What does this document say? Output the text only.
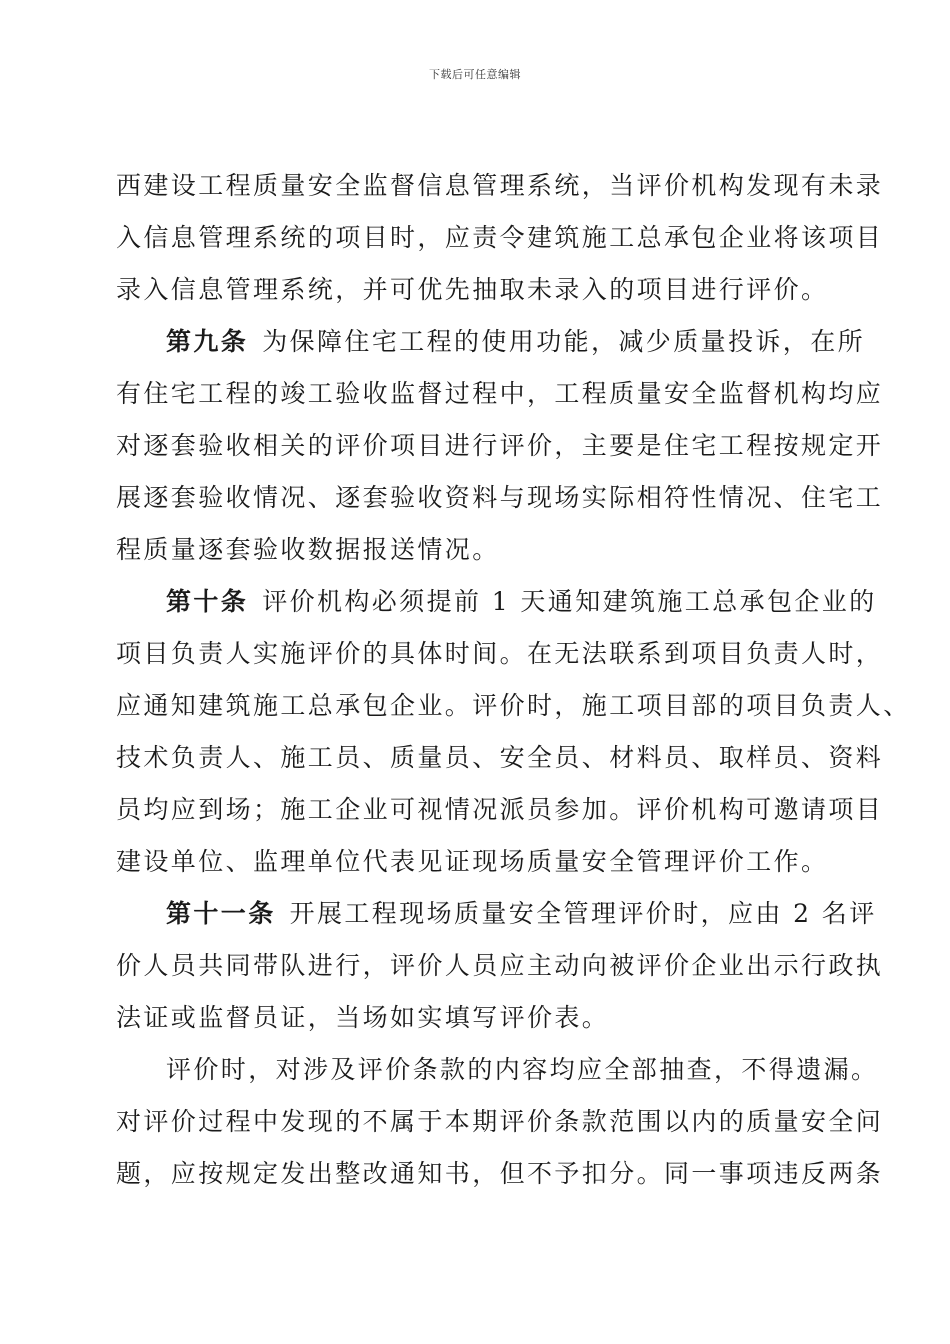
下载后可任意编辑
西建设工程质量安全监督信息管理系统，当评价机构发现有未录
入信息管理系统的项目时，应责令建筑施工总承包企业将该项目
录入信息管理系统，并可优先抽取未录入的项目进行评价。
第九条 为保障住宅工程的使用功能，减少质量投诉，在所
有住宅工程的竣工验收监督过程中，工程质量安全监督机构均应
对逐套验收相关的评价项目进行评价，主要是住宅工程按规定开
展逐套验收情况、逐套验收资料与现场实际相符性情况、住宅工
程质量逐套验收数据报送情况。
第十条 评价机构必须提前 1 天通知建筑施工总承包企业的
项目负责人实施评价的具体时间。在无法联系到项目负责人时，
应通知建筑施工总承包企业。评价时，施工项目部的项目负责人、
技术负责人、施工员、质量员、安全员、材料员、取样员、资料
员均应到场；施工企业可视情况派员参加。评价机构可邀请项目
建设单位、监理单位代表见证现场质量安全管理评价工作。
第十一条 开展工程现场质量安全管理评价时，应由 2 名评
价人员共同带队进行，评价人员应主动向被评价企业出示行政执
法证或监督员证，当场如实填写评价表。
评价时，对涉及评价条款的内容均应全部抽查，不得遗漏。
对评价过程中发现的不属于本期评价条款范围以内的质量安全问
题，应按规定发出整改通知书，但不予扣分。同一事项违反两条
